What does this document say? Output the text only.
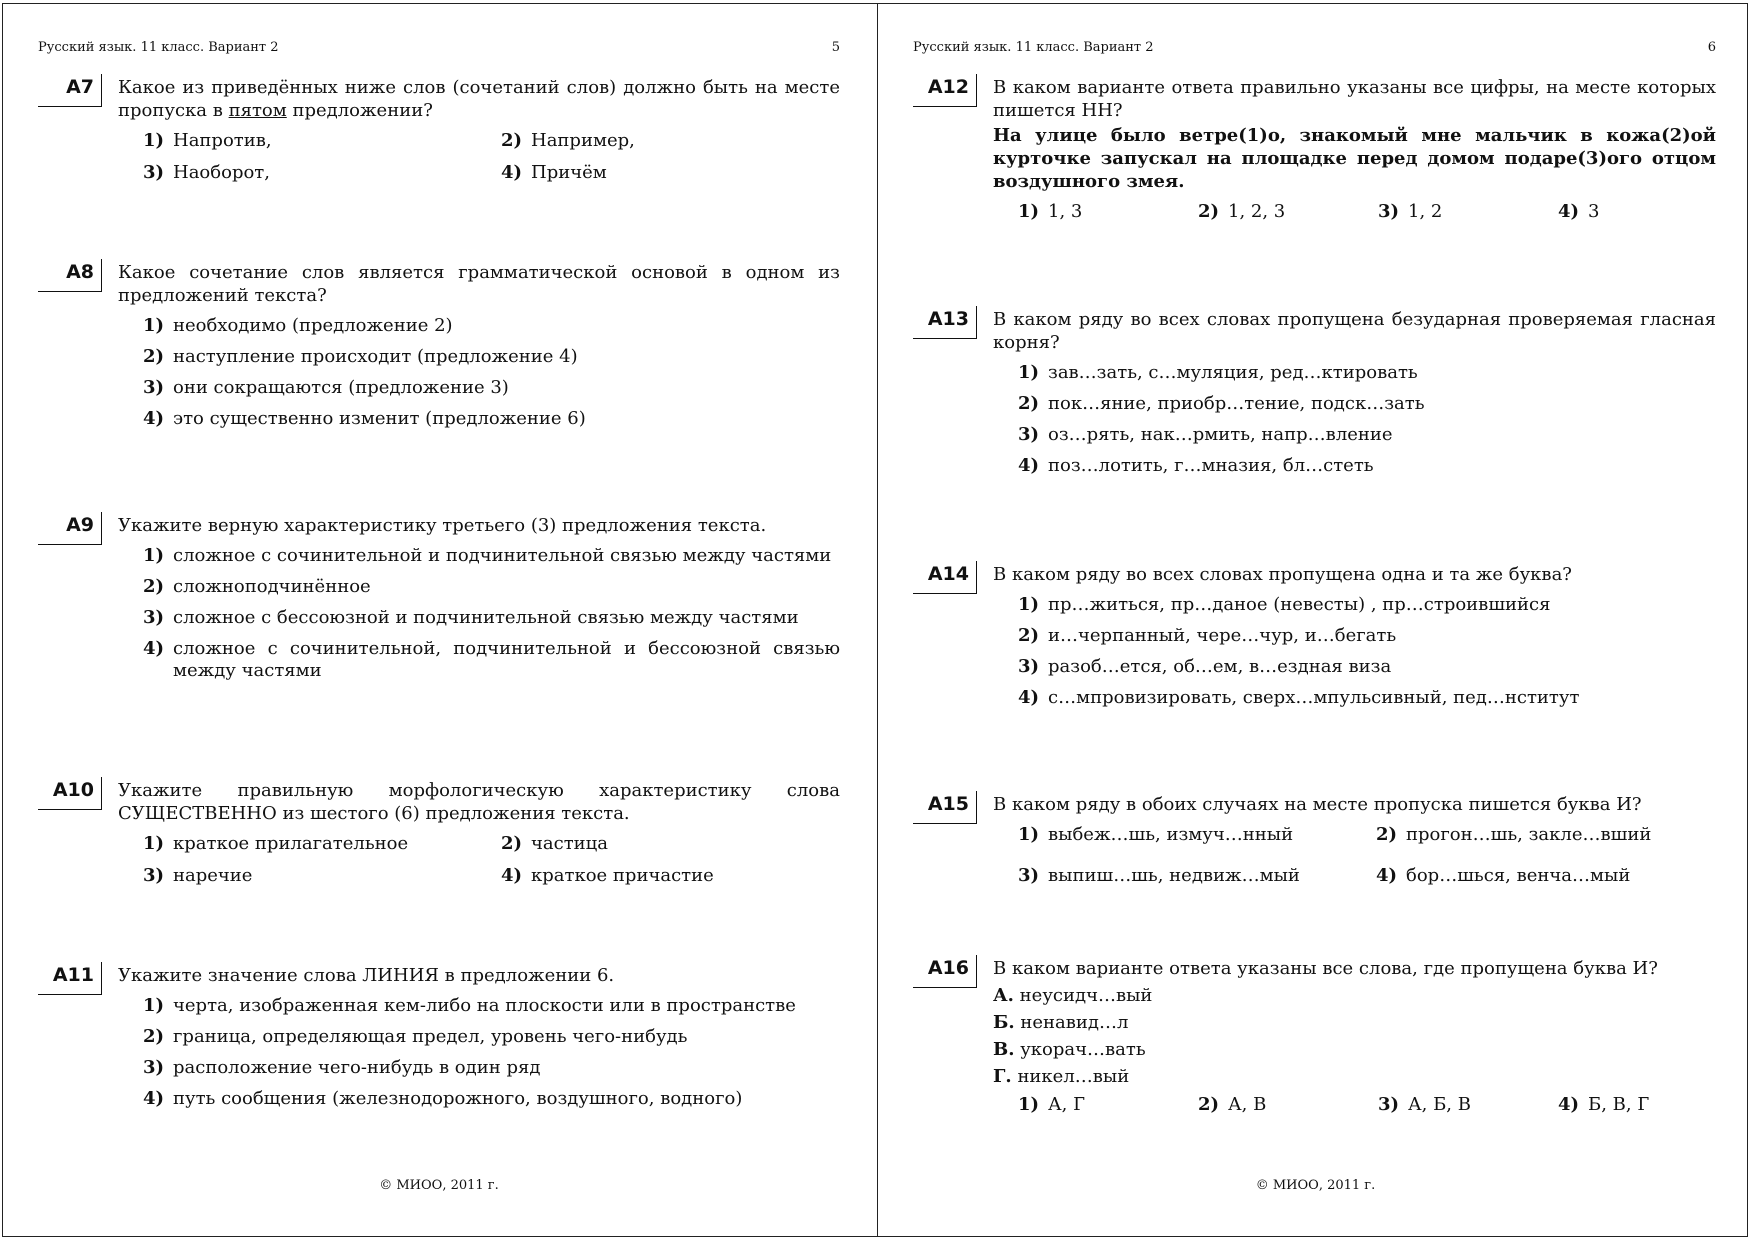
Русский язык. 11 класс. Вариант 2	5
А7 Какое из приведённых ниже слов (сочетаний слов) должно быть на месте пропуска в пятом предложении?
1) Напротив,	2) Например,
3) Наоборот,	4) Причём
А8 Какое сочетание слов является грамматической основой в одном из предложений текста?
1) необходимо (предложение 2)
2) наступление происходит (предложение 4)
3) они сокращаются (предложение 3)
4) это существенно изменит (предложение 6)
А9 Укажите верную характеристику третьего (3) предложения текста.
1) сложное с сочинительной и подчинительной связью между частями
2) сложноподчинённое
3) сложное с бессоюзной и подчинительной связью между частями
4) сложное с сочинительной, подчинительной и бессоюзной связью между частями
А10 Укажите правильную морфологическую характеристику слова СУЩЕСТВЕННО из шестого (6) предложения текста.
1) краткое прилагательное	2) частица
3) наречие	4) краткое причастие
А11 Укажите значение слова ЛИНИЯ в предложении 6.
1) черта, изображенная кем-либо на плоскости или в пространстве
2) граница, определяющая предел, уровень чего-нибудь
3) расположение чего-нибудь в один ряд
4) путь сообщения (железнодорожного, воздушного, водного)
© МИОО, 2011 г.
Русский язык. 11 класс. Вариант 2	6
А12 В каком варианте ответа правильно указаны все цифры, на месте которых пишется НН?
На улице было ветре(1)о, знакомый мне мальчик в кожа(2)ой курточке запускал на площадке перед домом подаре(3)ого отцом воздушного змея.
1) 1, 3	2) 1, 2, 3	3) 1, 2	4) 3
А13 В каком ряду во всех словах пропущена безударная проверяемая гласная корня?
1) зав…зать, с…муляция, ред…ктировать
2) пок…яние, приобр…тение, подск…зать
3) оз…рять, нак…рмить, напр…вление
4) поз…лотить, г…мназия, бл…стеть
А14 В каком ряду во всех словах пропущена одна и та же буква?
1) пр…житься, пр…даное (невесты) , пр…строившийся
2) и…черпанный, чере…чур, и…бегать
3) разоб…ется, об…ем, в…ездная виза
4) с…мпровизировать, сверх…мпульсивный, пед…нститут
А15 В каком ряду в обоих случаях на месте пропуска пишется буква И?
1) выбеж…шь, измуч…нный	2) прогон…шь, закле…вший
3) выпиш…шь, недвиж…мый	4) бор…шься, венча…мый
А16 В каком варианте ответа указаны все слова, где пропущена буква И?
А. неусидч…вый
Б. ненавид…л
В. укорач…вать
Г. никел…вый
1) А, Г	2) А, В	3) А, Б, В	4) Б, В, Г
© МИОО, 2011 г.
